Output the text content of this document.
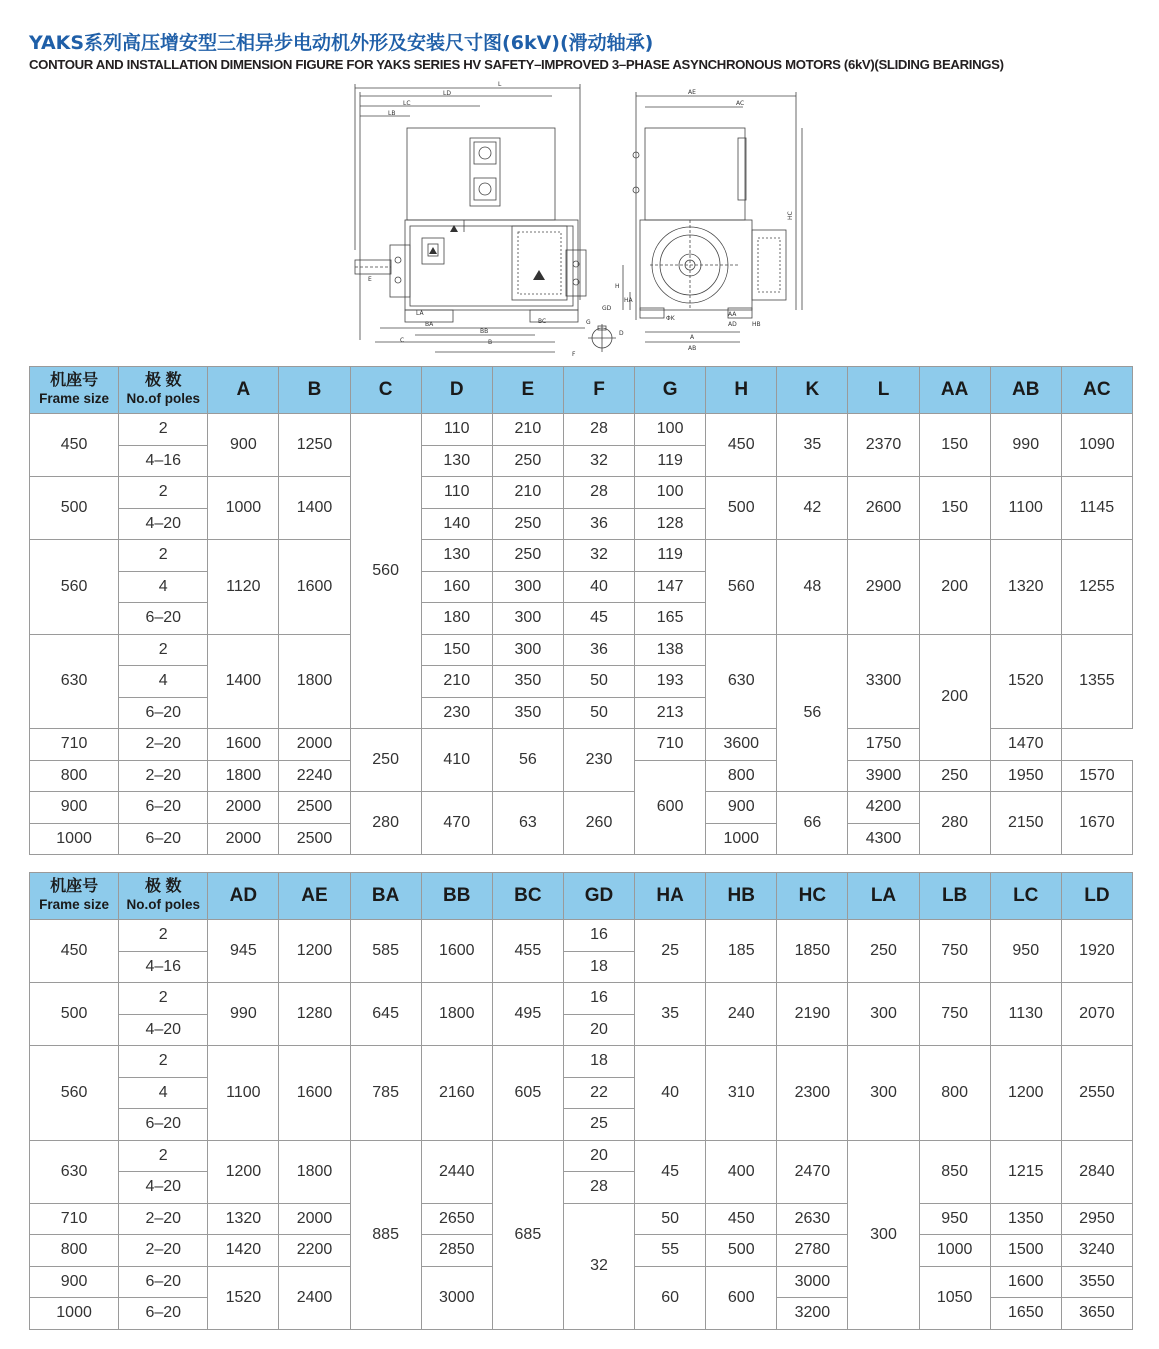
YAKS系列高压增安型三相异步电动机外形及安装尺寸图(6kV)(滑动轴承)
CONTOUR AND INSTALLATION DIMENSION FIGURE FOR YAKS SERIES HV SAFETY–IMPROVED 3–PHASE ASYNCHRONOUS MOTORS (6kV)(SLIDING BEARINGS)
L
LD
LC
LB
E
LA
BA
BB
BC
C	B
GD
G
D
F
AE
AC
HC
H
HA
ΦK
AA
AD	HB
A
AB
机座号
Frame size	极 数
No.of poles	A	B	C	D	E	F	G	H	K	L	AA	AB	AC
450	2	900	1250	560	110	210	28	100	450	35	2370	150	990	1090
	4–16				130	250	32	119						
500	2	1000	1400		110	210	28	100	500	42	2600	150	1100	1145
	4–20				140	250	36	128						
560	2	1120	1600		130	250	32	119	560	48	2900	200	1320	1255
	4				160	300	40	147						
	6–20				180	300	45	165						
630	2	1400	1800		150	300	36	138	630	56	3300	200	1520	1355
	4				210	350	50	193						
	6–20				230	350	50	213						
710	2–20	1600	2000	250	410	56	230	710	3600		1750		1470	
800	2–20	1800	2240					600	800		3900	250	1950	1570
900	6–20	2000	2500	280	470	63	260		900	66	4200	280	2150	1670
1000	6–20	2000	2500						1000		4300			
机座号
Frame size	极 数
No.of poles	AD	AE	BA	BB	BC	GD	HA	HB	HC	LA	LB	LC	LD
450	2	945	1200	585	1600	455	16	25	185	1850	250	750	950	1920
	4–16						18							
500	2	990	1280	645	1800	495	16	35	240	2190	300	750	1130	2070
	4–20						20							
560	2	1100	1600	785	2160	605	18	40	310	2300	300	800	1200	2550
	4						22							
	6–20						25							
630	2	1200	1800	885	2440	685	20	45	400	2470	300	850	1215	2840
	4–20						28							
710	2–20	1320	2000		2650		32	50	450	2630		950	1350	2950
800	2–20	1420	2200		2850			55	500	2780		1000	1500	3240
900	6–20	1520	2400		3000			60	600	3000		1050	1600	3550
1000	6–20									3200			1650	3650
